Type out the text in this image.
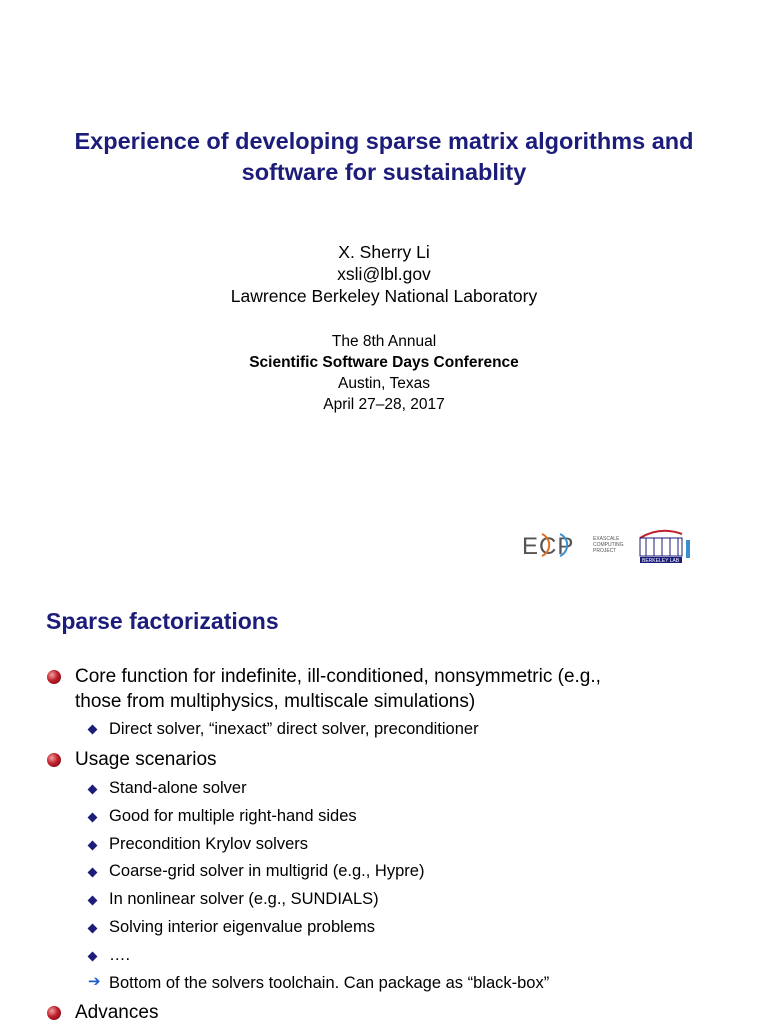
Experience of developing sparse matrix algorithms and
software for sustainablity
X. Sherry Li
xsli@lbl.gov
Lawrence Berkeley National Laboratory
The 8th Annual
Scientific Software Days Conference
Austin, Texas
April 27–28, 2017
ECP	EXASCALE
COMPUTING
PROJECT
BERKELEY LAB
Sparse factorizations
Core function for indefinite, ill-conditioned, nonsymmetric (e.g.,
those from multiphysics, multiscale simulations)
Direct solver, “inexact” direct solver, preconditioner
Usage scenarios
Stand-alone solver
Good for multiple right-hand sides
Precondition Krylov solvers
Coarse-grid solver in multigrid (e.g., Hypre)
In nonlinear solver (e.g., SUNDIALS)
Solving interior eigenvalue problems
….
➔ Bottom of the solvers toolchain. Can package as “black-box”
Advances
